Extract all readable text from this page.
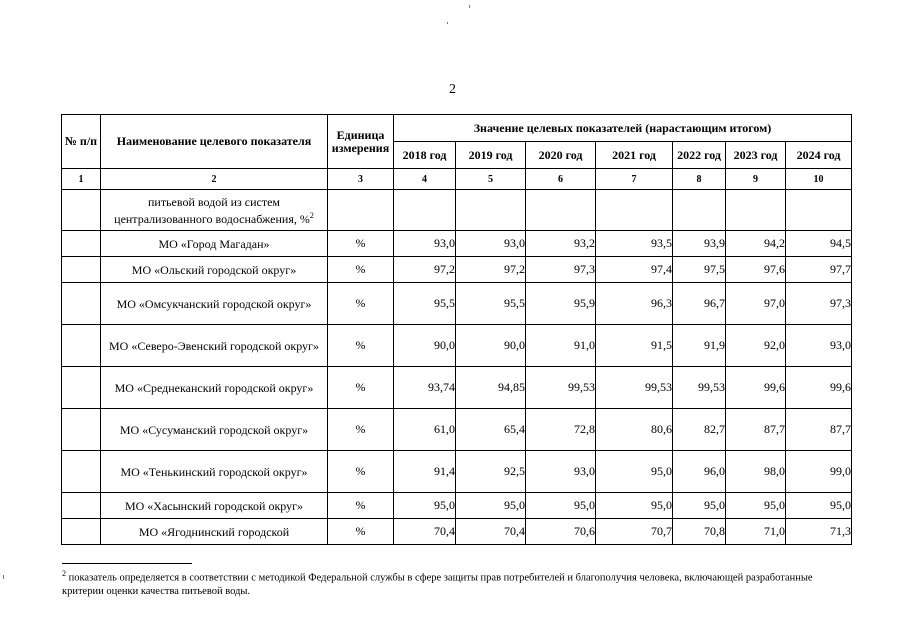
2
№ п/п	Наименование целевого показателя	Единица измерения	Значение целевых показателей (нарастающим итогом)						
			2018 год	2019 год	2020 год	2021 год	2022 год	2023 год	2024 год
1	2	3	4	5	6	7	8	9	10
	питьевой водой из систем централизованного водоснабжения, %$^2$								
	МО «Город Магадан»	%	93,0	93,0	93,2	93,5	93,9	94,2	94,5
	МО «Ольский городской округ»	%	97,2	97,2	97,3	97,4	97,5	97,6	97,7
	МО «Омсукчанский городской округ»	%	95,5	95,5	95,9	96,3	96,7	97,0	97,3
	МО «Северо-Эвенский городской округ»	%	90,0	90,0	91,0	91,5	91,9	92,0	93,0
	МО «Среднеканский городской округ»	%	93,74	94,85	99,53	99,53	99,53	99,6	99,6
	МО «Сусуманский городской округ»	%	61,0	65,4	72,8	80,6	82,7	87,7	87,7
	МО «Тенькинский городской округ»	%	91,4	92,5	93,0	95,0	96,0	98,0	99,0
	МО «Хасынский городской округ»	%	95,0	95,0	95,0	95,0	95,0	95,0	95,0
	МО «Ягоднинский городской	%	70,4	70,4	70,6	70,7	70,8	71,0	71,3
$^2$ показатель определяется в соответствии с методикой Федеральной службы в сфере защиты прав потребителей и благополучия человека, включающей разработанные критерии оценки качества питьевой воды.
